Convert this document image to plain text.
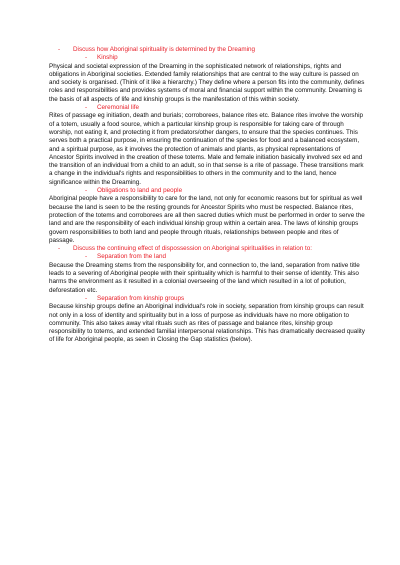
- Discuss how Aboriginal spirituality is determined by the Dreaming

- Kinship

Physical and societal expression of the Dreaming in the sophisticated network of relationships, rights and obligations in Aboriginal societies. Extended family relationships that are central to the way culture is passed on and society is organised. (Think of it like a hierarchy.) They define where a person fits into the community, defines roles and responsibilities and provides systems of moral and financial support within the community. Dreaming is the basis of all aspects of life and kinship groups is the manifestation of this within society.

- Ceremonial life

Rites of passage eg initiation, death and burials; corroborees, balance rites etc. Balance rites involve the worship of a totem, usually a food source, which a particular kinship group is responsible for taking care of through worship, not eating it, and protecting it from predators/other dangers, to ensure that the species continues. This serves both a practical purpose, in ensuring the continuation of the species for food and a balanced ecosystem, and a spiritual purpose, as it involves the protection of animals and plants, as physical representations of Ancestor Spirits involved in the creation of these totems. Male and female initiation basically involved sex ed and the transition of an individual from a child to an adult, so in that sense is a rite of passage. These transitions mark a change in the individual's rights and responsibilities to others in the community and to the land, hence significance within the Dreaming.

- Obligations to land and people

Aboriginal people have a responsibility to care for the land, not only for economic reasons but for spiritual as well because the land is seen to be the resting grounds for Ancestor Spirits who must be respected. Balance rites, protection of the totems and corroborees are all then sacred duties which must be performed in order to serve the land and are the responsibility of each individual kinship group within a certain area. The laws of kinship groups govern responsibilities to both land and people through rituals, relationships between people and rites of passage.

- Discuss the continuing effect of dispossession on Aboriginal spiritualities in relation to:

- Separation from the land

Because the Dreaming stems from the responsibility for, and connection to, the land, separation from native title leads to a severing of Aboriginal people with their spirituality which is harmful to their sense of identity. This also harms the environment as it resulted in a colonial overseeing of the land which resulted in a lot of pollution, deforestation etc.

- Separation from kinship groups

Because kinship groups define an Aboriginal individual's role in society, separation from kinship groups can result not only in a loss of identity and spirituality but in a loss of purpose as individuals have no more obligation to community. This also takes away vital rituals such as rites of passage and balance rites, kinship group responsibility to totems, and extended familial interpersonal relationships. This has dramatically decreased quality of life for Aboriginal people, as seen in Closing the Gap statistics (below).
